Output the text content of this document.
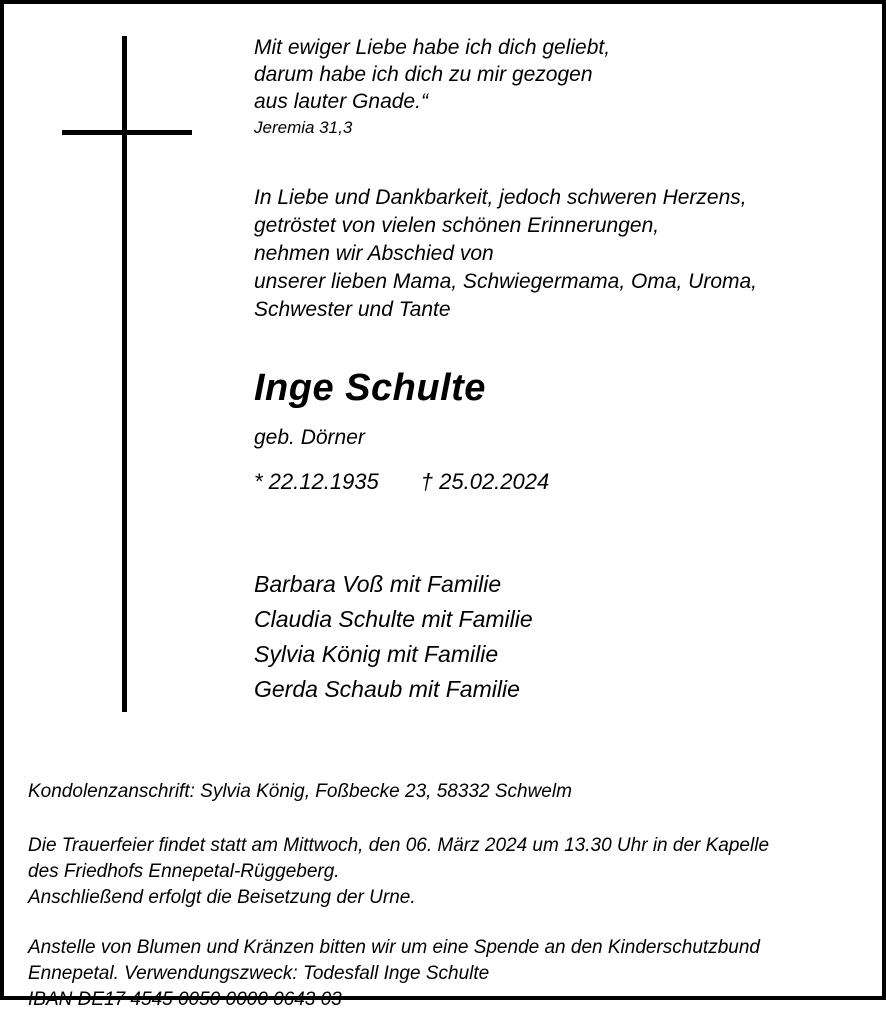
Mit ewiger Liebe habe ich dich geliebt,
darum habe ich dich zu mir gezogen
aus lauter Gnade.“
Jeremia 31,3
In Liebe und Dankbarkeit, jedoch schweren Herzens,
getröstet von vielen schönen Erinnerungen,
nehmen wir Abschied von
unserer lieben Mama, Schwiegermama, Oma, Uroma,
Schwester und Tante
Inge Schulte
geb. Dörner
* 22.12.1935 † 25.02.2024
Barbara Voß mit Familie
Claudia Schulte mit Familie
Sylvia König mit Familie
Gerda Schaub mit Familie
Kondolenzanschrift: Sylvia König, Foßbecke 23, 58332 Schwelm
Die Trauerfeier findet statt am Mittwoch, den 06. März 2024 um 13.30 Uhr in der Kapelle
des Friedhofs Ennepetal-Rüggeberg.
Anschließend erfolgt die Beisetzung der Urne.
Anstelle von Blumen und Kränzen bitten wir um eine Spende an den Kinderschutzbund
Ennepetal. Verwendungszweck: Todesfall Inge Schulte
IBAN DE17 4545 0050 0000 0643 03
